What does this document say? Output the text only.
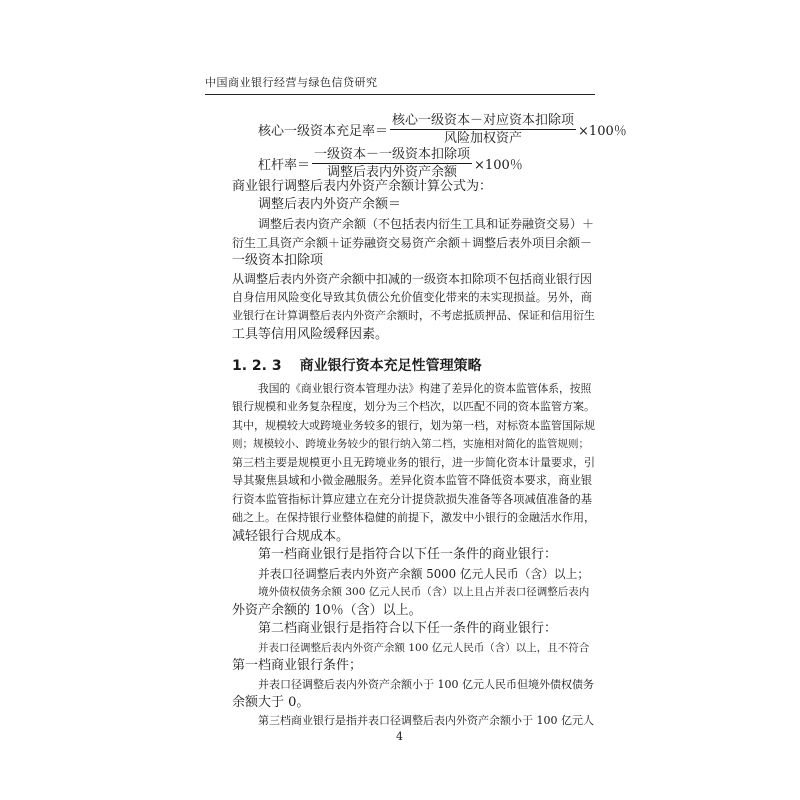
中国商业银行经营与绿色信贷研究
核心一级资本充足率＝ $\frac{\text{核心一级资本－对应资本扣除项}}{\text{风险加权资产}} \times 100$％
杠杆率＝ $\frac{\text{一级资本－一级资本扣除项}}{\text{调整后表内外资产余额}} \times 100$％
商业银行调整后表内外资产余额计算公式为：
调整后表内外资产余额＝
调整后表内资产余额（不包括表内衍生工具和证券融资交易）＋
衍生工具资产余额＋证券融资交易资产余额＋调整后表外项目余额－
一级资本扣除项
从调整后表内外资产余额中扣减的一级资本扣除项不包括商业银行因
自身信用风险变化导致其负债公允价值变化带来的未实现损益。另外，商
业银行在计算调整后表内外资产余额时，不考虑抵质押品、保证和信用衍生
工具等信用风险缓释因素。
1. 2. 3 商业银行资本充足性管理策略
我国的《商业银行资本管理办法》构建了差异化的资本监管体系，按照
银行规模和业务复杂程度，划分为三个档次，以匹配不同的资本监管方案。
其中，规模较大或跨境业务较多的银行，划为第一档，对标资本监管国际规
则；规模较小、跨境业务较少的银行纳入第二档，实施相对简化的监管规则；
第三档主要是规模更小且无跨境业务的银行，进一步简化资本计量要求，引
导其聚焦县域和小微金融服务。差异化资本监管不降低资本要求，商业银
行资本监管指标计算应建立在充分计提贷款损失准备等各项减值准备的基
础之上。在保持银行业整体稳健的前提下，激发中小银行的金融活水作用，
减轻银行合规成本。
第一档商业银行是指符合以下任一条件的商业银行：
并表口径调整后表内外资产余额 5000 亿元人民币（含）以上；
境外债权债务余额 300 亿元人民币（含）以上且占并表口径调整后表内
外资产余额的 10％（含）以上。
第二档商业银行是指符合以下任一条件的商业银行：
并表口径调整后表内外资产余额 100 亿元人民币（含）以上，且不符合
第一档商业银行条件；
并表口径调整后表内外资产余额小于 100 亿元人民币但境外债权债务
余额大于 0。
第三档商业银行是指并表口径调整后表内外资产余额小于 100 亿元人
4
